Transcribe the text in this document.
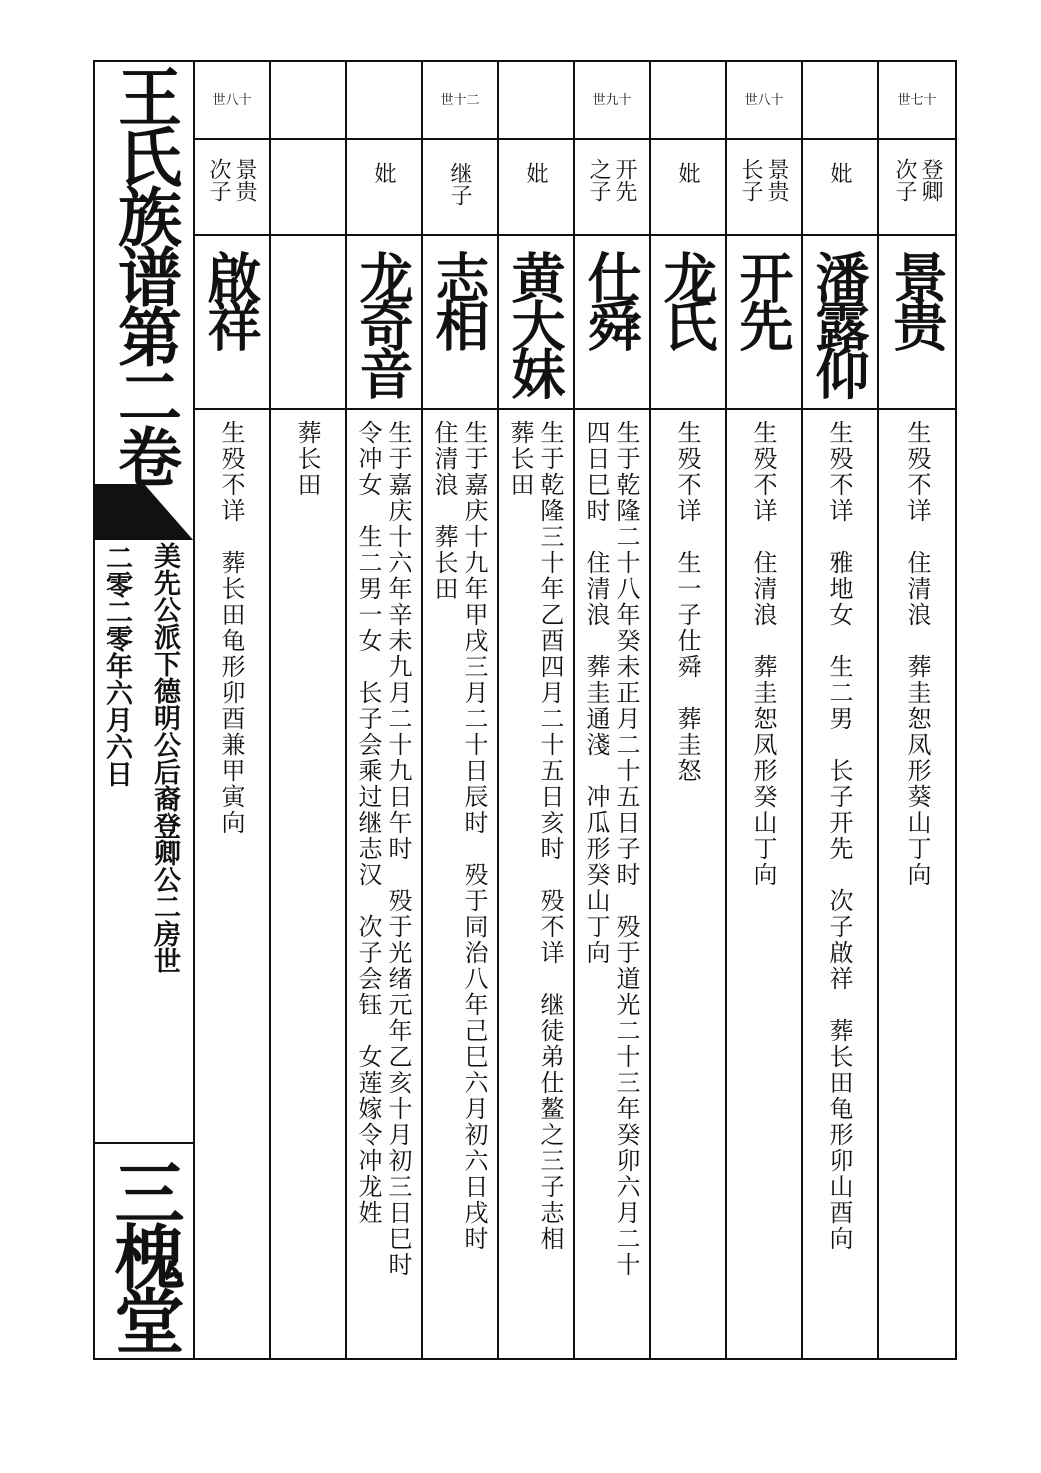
王氏族谱第二卷
美先公派下德明公后裔登卿公二房世
二零二零年六月六日
三槐堂
世七十
登卿
次子
景贵
生殁不详　住清浪　葬圭恕凤形葵山丁向
妣
潘露仰
生殁不详　雅地女　生二男　长子开先　次子啟祥　葬长田龟形卯山酉向
世八十
景贵
长子
开先
生殁不详　住清浪　葬圭恕凤形癸山丁向
妣
龙氏
生殁不详　生一子仕舜　葬圭怒
世九十
开先
之子
仕舜
生于乾隆二十八年癸未正月二十五日子时　殁于道光二十三年癸卯六月二十
四日巳时　住清浪　葬圭通淺　冲瓜形癸山丁向
妣
黄大妹
生于乾隆三十年乙酉四月二十五日亥时　殁不详　继徒弟仕鳌之三子志相
葬长田
世十二
继子
志相
生于嘉庆十九年甲戌三月二十日辰时　殁于同治八年己巳六月初六日戌时
住清浪　葬长田
妣
龙奇音
生于嘉庆十六年辛未九月二十九日午时　殁于光绪元年乙亥十月初三日巳时
令冲女　生二男一女　长子会乘过继志汉　次子会钰　女莲嫁令冲龙姓
葬长田
世八十
景贵
次子
啟祥
生殁不详　葬长田龟形卯酉兼甲寅向
